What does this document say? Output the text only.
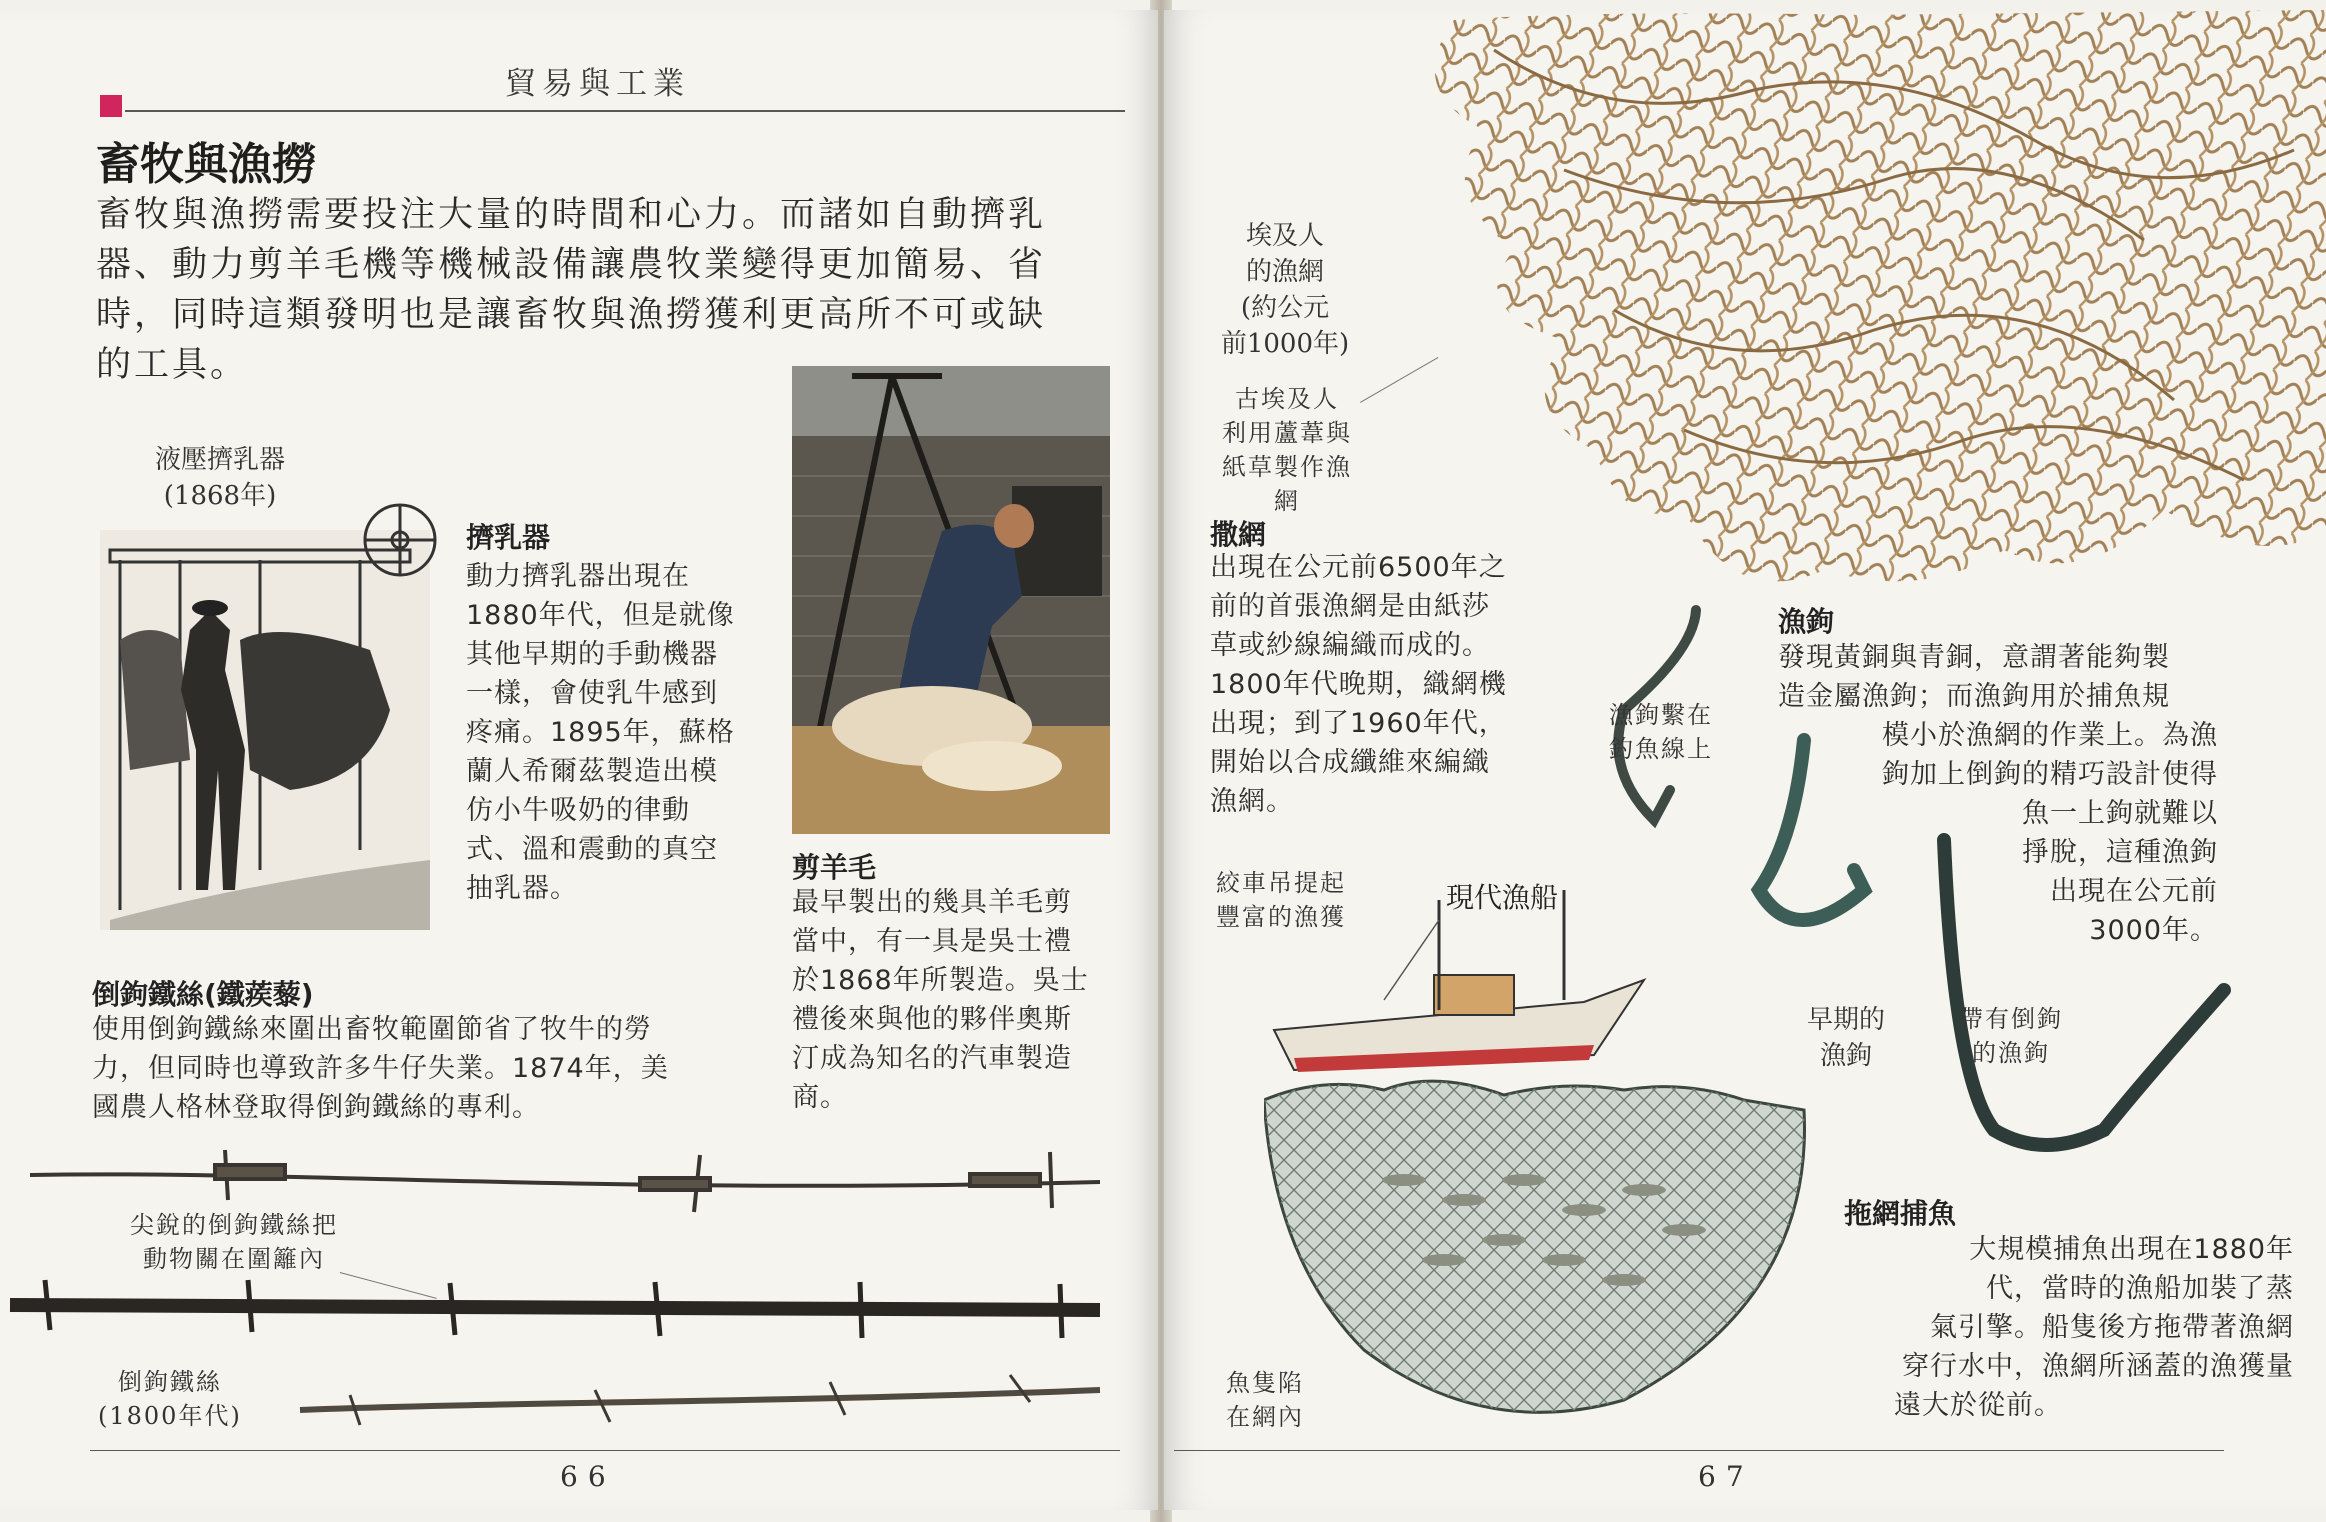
貿易與工業
畜牧與漁撈
畜牧與漁撈需要投注大量的時間和心力。而諸如自動擠乳
器、動力剪羊毛機等機械設備讓農牧業變得更加簡易、省
時，同時這類發明也是讓畜牧與漁撈獲利更高所不可或缺
的工具。
液壓擠乳器
(1868年)
擠乳器
動力擠乳器出現在
1880年代，但是就像
其他早期的手動機器
一樣，會使乳牛感到
疼痛。1895年，蘇格
蘭人希爾茲製造出模
仿小牛吸奶的律動
式、溫和震動的真空
抽乳器。
剪羊毛
最早製出的幾具羊毛剪
當中，有一具是吳士禮
於1868年所製造。吳士
禮後來與他的夥伴奧斯
汀成為知名的汽車製造
商。
倒鉤鐵絲(鐵蒺藜)
使用倒鉤鐵絲來圍出畜牧範圍節省了牧牛的勞
力，但同時也導致許多牛仔失業。1874年，美
國農人格林登取得倒鉤鐵絲的專利。
尖銳的倒鉤鐵絲把
動物關在圍籬內
倒鉤鐵絲
(1800年代)
66
埃及人
的漁網
(約公元
前1000年)
古埃及人
利用蘆葦與
紙草製作漁網
撒網
出現在公元前6500年之
前的首張漁網是由紙莎
草或紗線編織而成的。
1800年代晚期，織網機
出現；到了1960年代，
開始以合成纖維來編織
漁網。
漁鉤繫在
釣魚線上
漁鉤
發現黃銅與青銅，意謂著能夠製
造金屬漁鉤；而漁鉤用於捕魚規
模小於漁網的作業上。為漁
鉤加上倒鉤的精巧設計使得
魚一上鉤就難以
掙脫，這種漁鉤
出現在公元前
3000年。
早期的
漁鉤
帶有倒鉤
的漁鉤
絞車吊提起
豐富的漁獲
現代漁船
魚隻陷
在網內
拖網捕魚
大規模捕魚出現在1880年
代，當時的漁船加裝了蒸
氣引擎。船隻後方拖帶著漁網
穿行水中，漁網所涵蓋的漁獲量
遠大於從前。
67
